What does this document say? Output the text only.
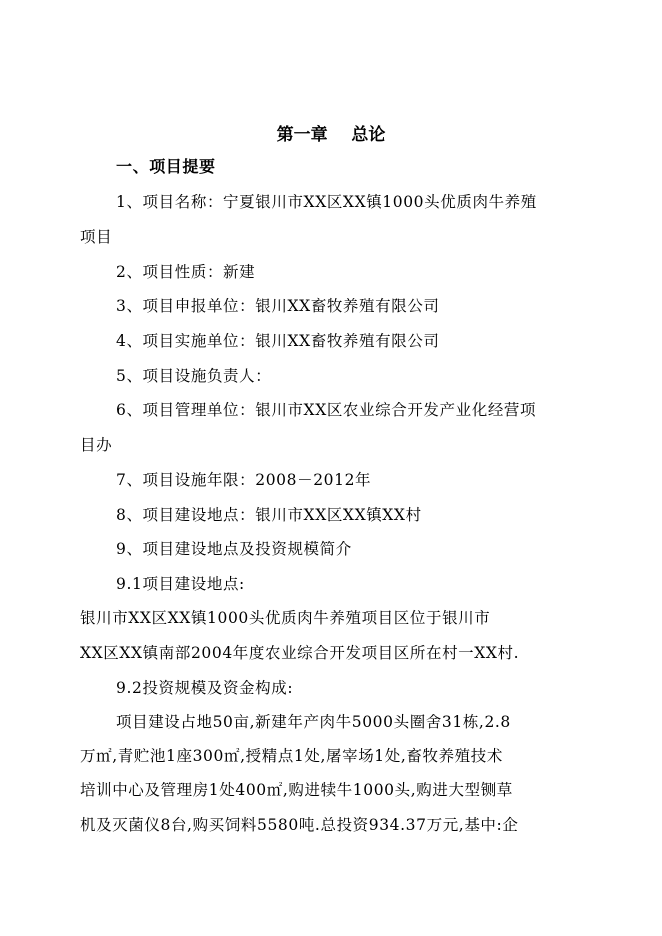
第一章    总论
一、项目提要
1、项目名称：宁夏银川市XX区XX镇1000头优质肉牛养殖
项目
2、项目性质：新建
3、项目申报单位：银川XX畜牧养殖有限公司
4、项目实施单位：银川XX畜牧养殖有限公司
5、项目设施负责人：
6、项目管理单位：银川市XX区农业综合开发产业化经营项
目办
7、项目设施年限：2008－2012年
8、项目建设地点：银川市XX区XX镇XX村
9、项目建设地点及投资规模简介
9.1项目建设地点:
银川市XX区XX镇1000头优质肉牛养殖项目区位于银川市
XX区XX镇南部2004年度农业综合开发项目区所在村一XX村.
9.2投资规模及资金构成:
项目建设占地50亩,新建年产肉牛5000头圈舍31栋,2.8
万㎡,青贮池1座300㎡,授精点1处,屠宰场1处,畜牧养殖技术
培训中心及管理房1处400㎡,购进犊牛1000头,购进大型铡草
机及灭菌仪8台,购买饲料5580吨.总投资934.37万元,基中:企
